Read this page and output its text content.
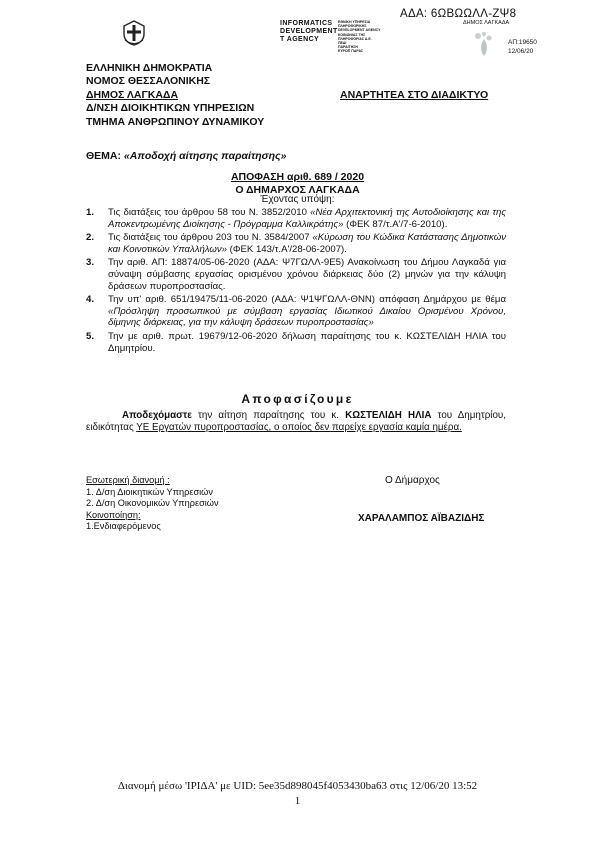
ΑΔΑ: 6ΩΒΩΩΛΛ-ΖΨ8
INFORMATICS
DEVELOPMENT
T AGENCY
ΕΘΝΙΚΗ ΥΠΗΡΕΣΙΑ
ΠΛΗΡΟΦΟΡΙΚΗΣ
DEVELOPMENT AGENCY
ΚΟΙΝΩΝΙΑΣ ΤΗΣ
ΠΛΗΡΟΦΟΡΙΑΣ Α.Ε.
ΠΕΔΙ
ΠΑΡΑΙΤΗΣΗ
ΕΥΡΩΠ ΠΑΡΑΣ
ΔΗΜΟΣ ΛΑΓΚΑΔΑ
ΑΠ:19650
12/06/20
ΕΛΛΗΝΙΚΗ ΔΗΜΟΚΡΑΤΙΑ
ΝΟΜΟΣ ΘΕΣΣΑΛΟΝΙΚΗΣ
ΔΗΜΟΣ ΛΑΓΚΑΔΑ
Δ/ΝΣΗ ΔΙΟΙΚΗΤΙΚΩΝ ΥΠΗΡΕΣΙΩΝ
ΤΜΗΜΑ ΑΝΘΡΩΠΙΝΟΥ ΔΥΝΑΜΙΚΟΥ
ΑΝΑΡΤΗΤΕΑ ΣΤΟ ΔΙΑΔΙΚΤΥΟ
ΘΕΜΑ: «Αποδοχή αίτησης παραίτησης»
ΑΠΟΦΑΣΗ αριθ. 689 / 2020
Ο ΔΗΜΑΡΧΟΣ ΛΑΓΚΑΔΑ
Έχοντας υπόψη:
1.	Τις διατάξεις του άρθρου 58 του Ν. 3852/2010 «Νέα Αρχιτεκτονική της Αυτοδιοίκησης και της Αποκεντρωμένης Διοίκησης - Πρόγραμμα Καλλικράτης» (ΦΕΚ 87/τ.Α'/7-6-2010).
2.	Τις διατάξεις του άρθρου 203 του Ν. 3584/2007 «Κύρωση του Κώδικα Κατάστασης Δημοτικών και Κοινοτικών Υπαλλήλων» (ΦΕΚ 143/τ.Α'/28-06-2007).
3.	Την αριθ. ΑΠ: 18874/05-06-2020 (ΑΔΑ: Ψ7ΓΩΛΛ-9Ε5) Ανακοίνωση του Δήμου Λαγκαδά για σύναψη σύμβασης εργασίας ορισμένου χρόνου διάρκειας δύο (2) μηνών για την κάλυψη δράσεων πυροπροστασίας.
4.	Την υπ' αριθ. 651/19475/11-06-2020 (ΑΔΑ: Ψ1ΨΓΩΛΛ-ΘΝΝ) απόφαση Δημάρχου με θέμα «Πρόσληψη προσωπικού με σύμβαση εργασίας Ιδιωτικού Δικαίου Ορισμένου Χρόνου, δίμηνης διάρκειας, για την κάλυψη δράσεων πυροπροστασίας»
5.	Την με αριθ. πρωτ. 19679/12-06-2020 δήλωση παραίτησης του κ. ΚΩΣΤΕΛΙΔΗ ΗΛΙΑ του Δημητρίου.
Αποφασίζουμε
Αποδεχόμαστε την αίτηση παραίτησης του κ. ΚΩΣΤΕΛΙΔΗ ΗΛΙΑ του Δημητρίου, ειδικότητας ΥΕ Εργατών πυροπροστασίας, ο οποίος δεν παρείχε εργασία καμία ημέρα.
Εσωτερική διανομή :
1. Δ/ση Διοικητικών Υπηρεσιών
2. Δ/ση Οικονομικών Υπηρεσιών
Κοινοποίηση:
1.Ενδιαφερόμενος
Ο Δήμαρχος
ΧΑΡΑΛΑΜΠΟΣ ΑΪΒΑΖΙΔΗΣ
Διανομή μέσω 'ΙΡΙΔΑ' με UID: 5ee35d898045f4053430ba63 στις 12/06/20 13:52
1
